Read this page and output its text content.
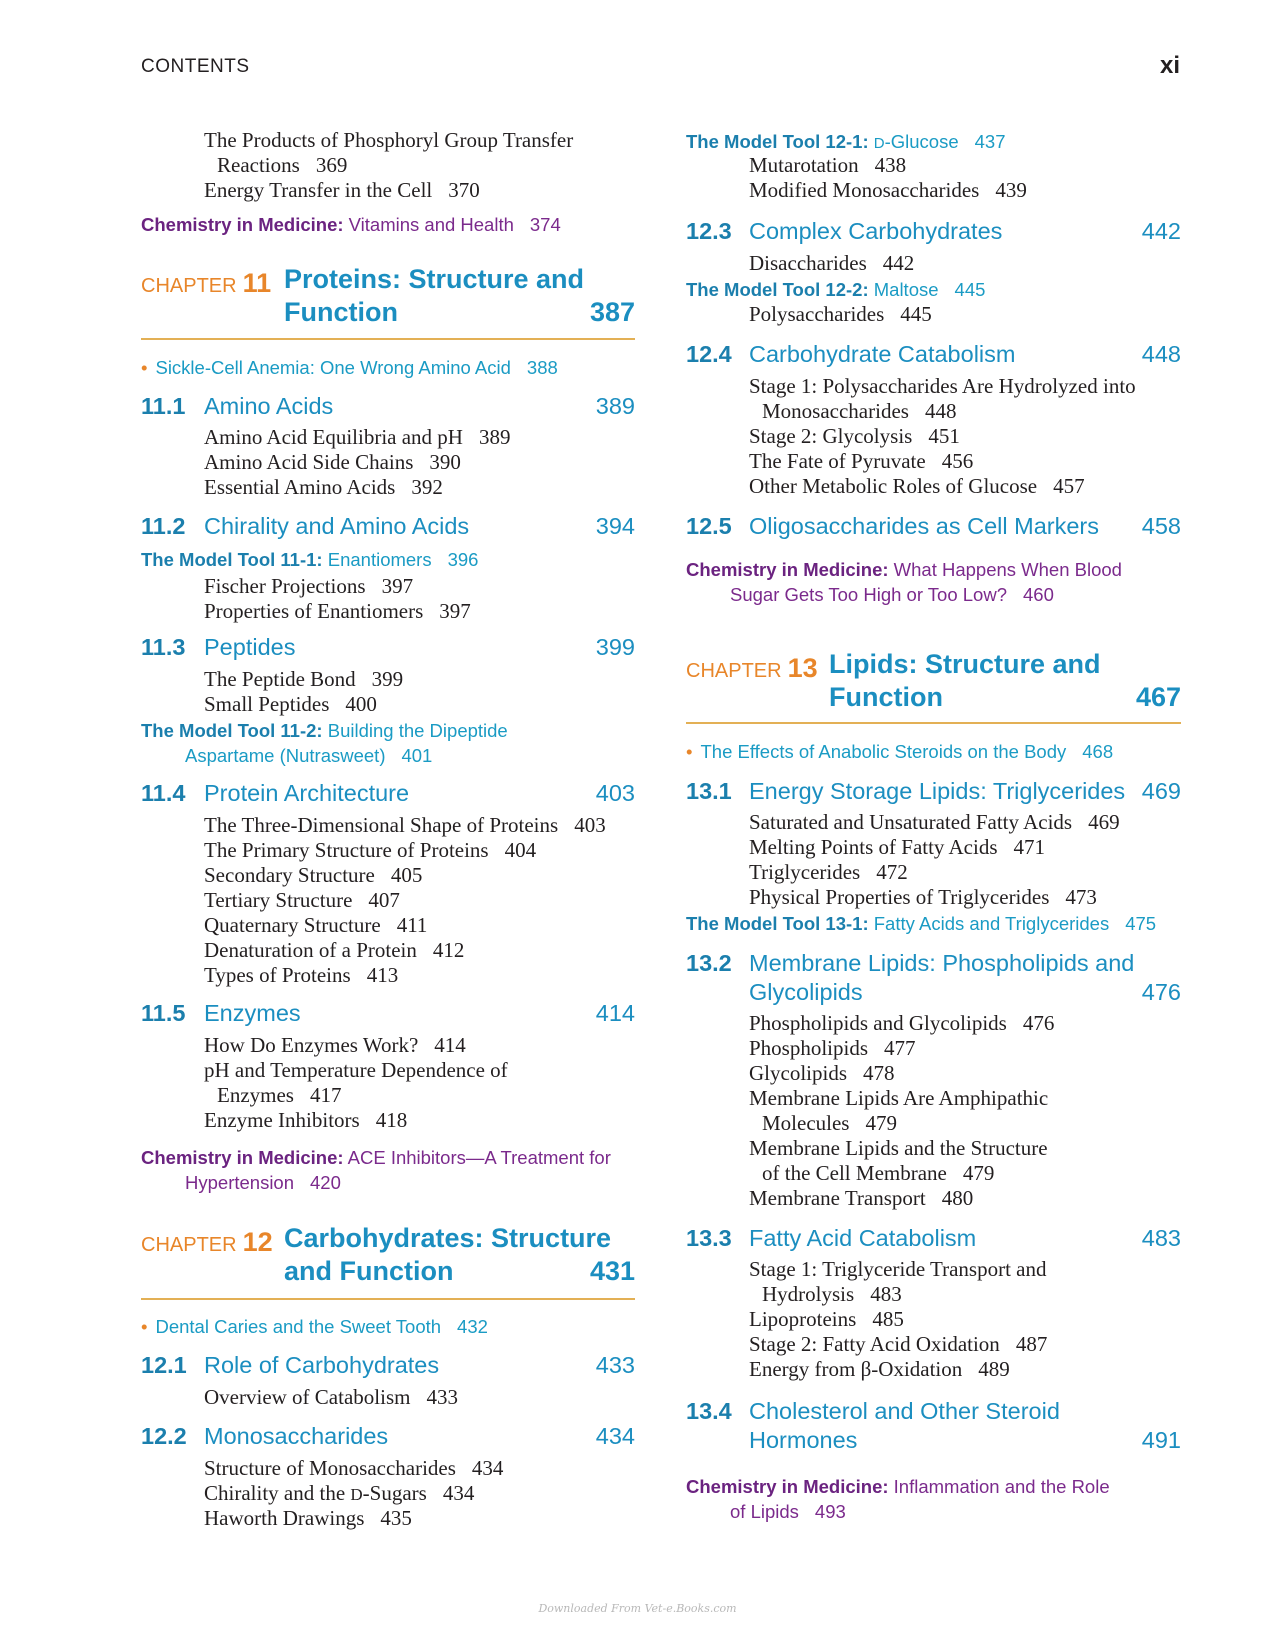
CONTENTS	xi
The Products of Phosphoryl Group Transfer
Reactions 369
Energy Transfer in the Cell 370
Chemistry in Medicine: Vitamins and Health 374
CHAPTER 11 Proteins: Structure and
Function	387
• Sickle-Cell Anemia: One Wrong Amino Acid 388
11.1 Amino Acids	389
Amino Acid Equilibria and pH 389
Amino Acid Side Chains 390
Essential Amino Acids 392
11.2 Chirality and Amino Acids	394
The Model Tool 11-1: Enantiomers 396
Fischer Projections 397
Properties of Enantiomers 397
11.3 Peptides	399
The Peptide Bond 399
Small Peptides 400
The Model Tool 11-2: Building the Dipeptide
Aspartame (Nutrasweet) 401
11.4 Protein Architecture	403
The Three-Dimensional Shape of Proteins 403
The Primary Structure of Proteins 404
Secondary Structure 405
Tertiary Structure 407
Quaternary Structure 411
Denaturation of a Protein 412
Types of Proteins 413
11.5 Enzymes	414
How Do Enzymes Work? 414
pH and Temperature Dependence of
Enzymes 417
Enzyme Inhibitors 418
Chemistry in Medicine: ACE Inhibitors—A Treatment for
Hypertension 420
CHAPTER 12 Carbohydrates: Structure
and Function	431
• Dental Caries and the Sweet Tooth 432
12.1 Role of Carbohydrates	433
Overview of Catabolism 433
12.2 Monosaccharides	434
Structure of Monosaccharides 434
Chirality and the D-Sugars 434
Haworth Drawings 435
The Model Tool 12-1: D-Glucose 437
Mutarotation 438
Modified Monosaccharides 439
12.3 Complex Carbohydrates	442
Disaccharides 442
The Model Tool 12-2: Maltose 445
Polysaccharides 445
12.4 Carbohydrate Catabolism	448
Stage 1: Polysaccharides Are Hydrolyzed into
Monosaccharides 448
Stage 2: Glycolysis 451
The Fate of Pyruvate 456
Other Metabolic Roles of Glucose 457
12.5 Oligosaccharides as Cell Markers 458
Chemistry in Medicine: What Happens When Blood
Sugar Gets Too High or Too Low? 460
CHAPTER 13 Lipids: Structure and
Function	467
• The Effects of Anabolic Steroids on the Body 468
13.1 Energy Storage Lipids: Triglycerides 469
Saturated and Unsaturated Fatty Acids 469
Melting Points of Fatty Acids 471
Triglycerides 472
Physical Properties of Triglycerides 473
The Model Tool 13-1: Fatty Acids and Triglycerides 475
13.2 Membrane Lipids: Phospholipids and
Glycolipids	476
Phospholipids and Glycolipids 476
Phospholipids 477
Glycolipids 478
Membrane Lipids Are Amphipathic
Molecules 479
Membrane Lipids and the Structure
of the Cell Membrane 479
Membrane Transport 480
13.3 Fatty Acid Catabolism	483
Stage 1: Triglyceride Transport and
Hydrolysis 483
Lipoproteins 485
Stage 2: Fatty Acid Oxidation 487
Energy from β-Oxidation 489
13.4 Cholesterol and Other Steroid
Hormones	491
Chemistry in Medicine: Inflammation and the Role
of Lipids 493
Downloaded From Vet-e.Books.com
